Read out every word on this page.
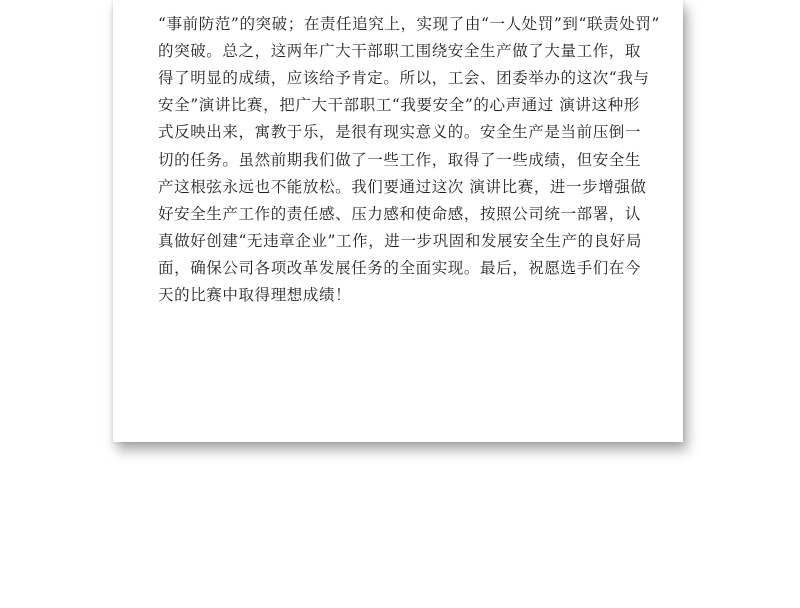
“事前防范”的突破；在责任追究上，实现了由“一人处罚”到“联责处罚”
的突破。总之，这两年广大干部职工围绕安全生产做了大量工作，取
得了明显的成绩，应该给予肯定。所以，工会、团委举办的这次“我与
安全”演讲比赛，把广大干部职工“我要安全”的心声通过 演讲这种形
式反映出来，寓教于乐，是很有现实意义的。安全生产是当前压倒一
切的任务。虽然前期我们做了一些工作，取得了一些成绩，但安全生
产这根弦永远也不能放松。我们要通过这次 演讲比赛，进一步增强做
好安全生产工作的责任感、压力感和使命感，按照公司统一部署，认
真做好创建“无违章企业”工作，进一步巩固和发展安全生产的良好局
面，确保公司各项改革发展任务的全面实现。最后，祝愿选手们在今
天的比赛中取得理想成绩！
